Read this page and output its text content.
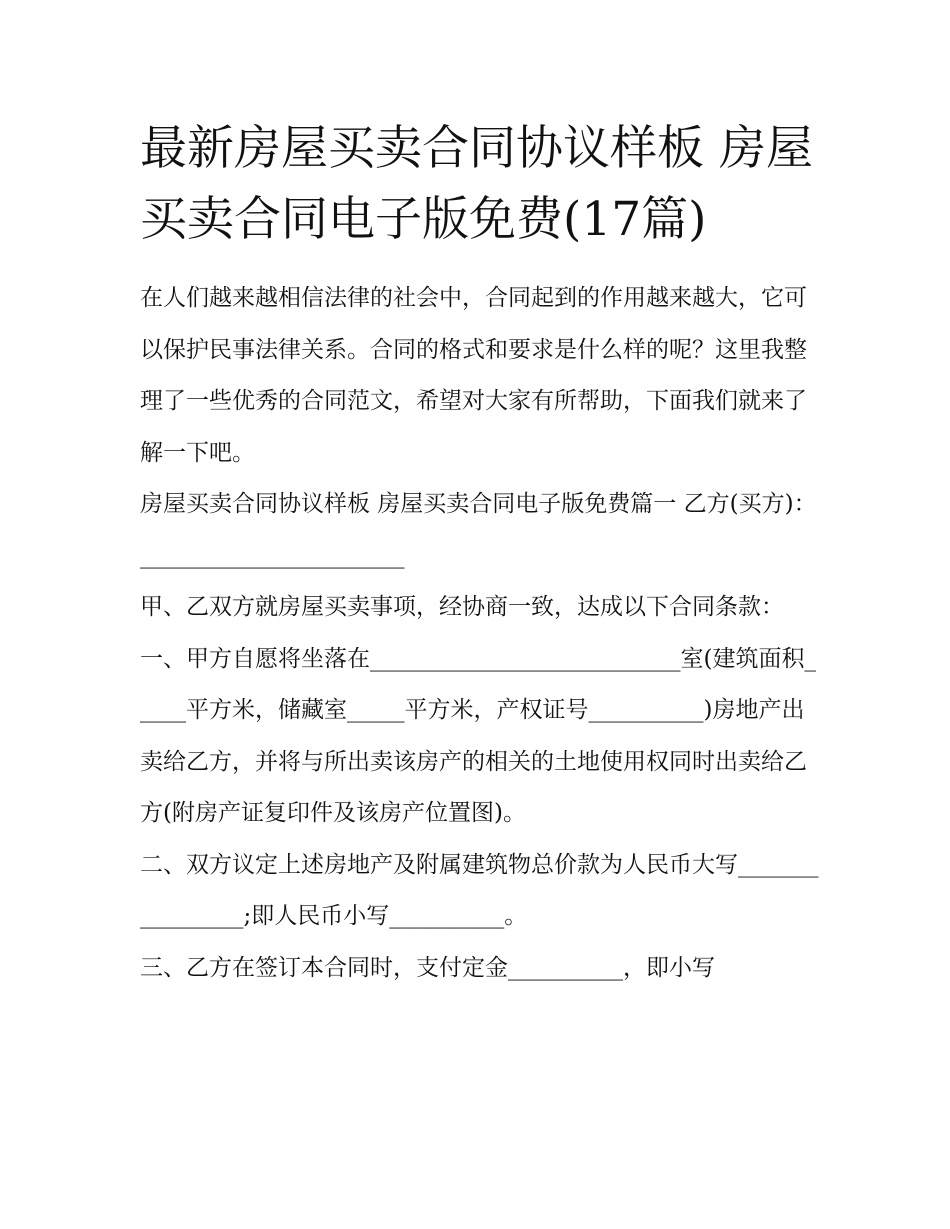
最新房屋买卖合同协议样板 房屋买卖合同电子版免费(17篇)

在人们越来越相信法律的社会中，合同起到的作用越来越大，它可以保护民事法律关系。合同的格式和要求是什么样的呢？这里我整理了一些优秀的合同范文，希望对大家有所帮助，下面我们就来了解一下吧。

房屋买卖合同协议样板 房屋买卖合同电子版免费篇一 乙方(买方)：_______________________

甲、乙双方就房屋买卖事项，经协商一致，达成以下合同条款：

一、甲方自愿将坐落在___________________________室(建筑面积_____平方米，储藏室_____平方米，产权证号__________)房地产出卖给乙方，并将与所出卖该房产的相关的土地使用权同时出卖给乙方(附房产证复印件及该房产位置图)。

二、双方议定上述房地产及附属建筑物总价款为人民币大写________________;即人民币小写__________。

三、乙方在签订本合同时，支付定金__________，即小写
